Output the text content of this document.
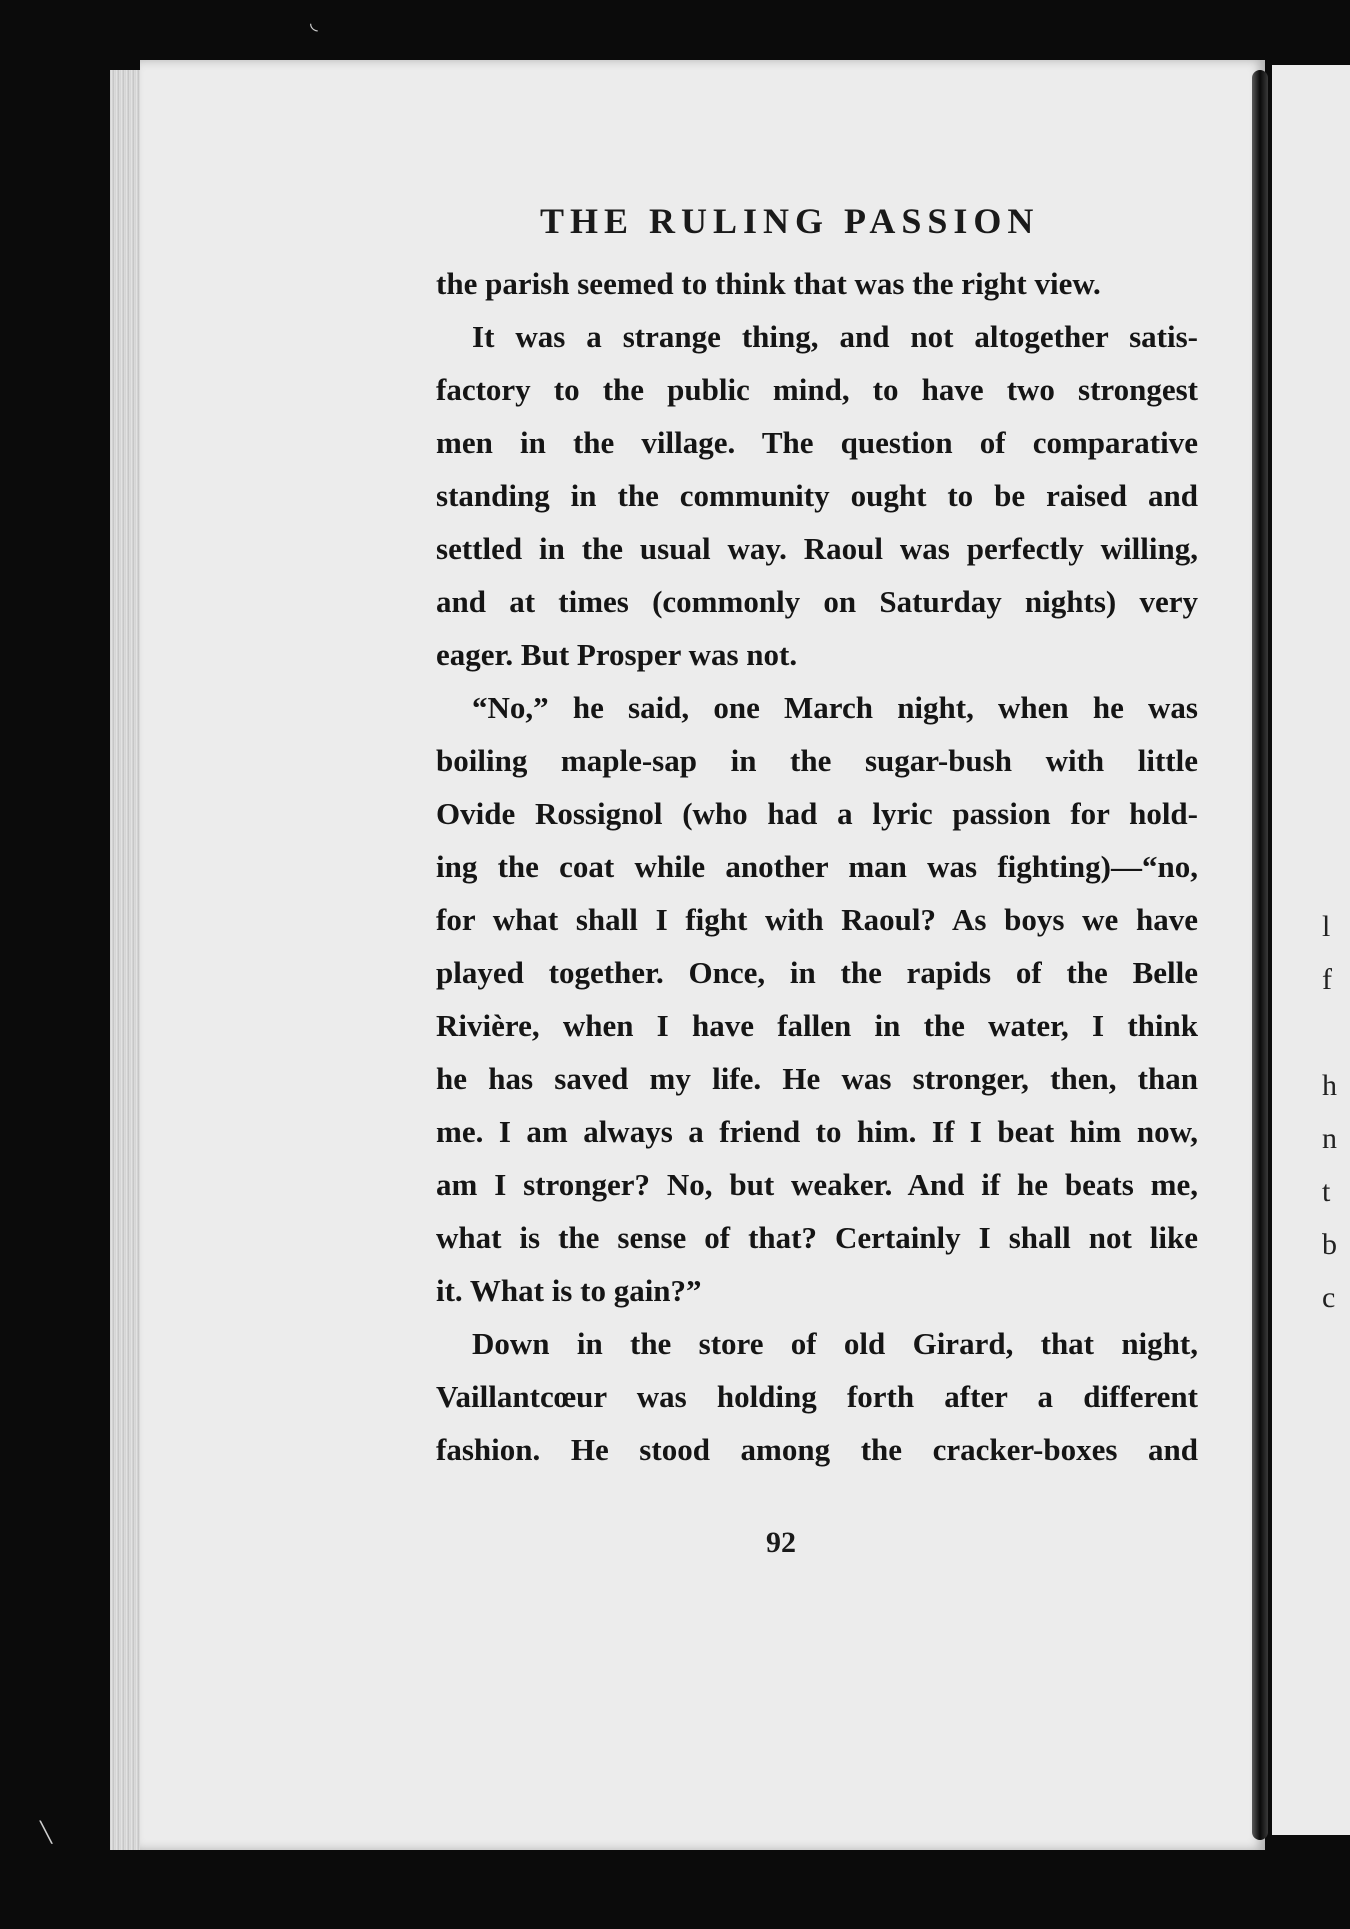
l
f
h
n
t
b
c
THE RULING PASSION
the parish seemed to think that was the right view.
It was a strange thing, and not altogether satis-
factory to the public mind, to have two strongest
men in the village. The question of comparative
standing in the community ought to be raised and
settled in the usual way. Raoul was perfectly willing,
and at times (commonly on Saturday nights) very
eager. But Prosper was not.
“No,” he said, one March night, when he was
boiling maple-sap in the sugar-bush with little
Ovide Rossignol (who had a lyric passion for hold-
ing the coat while another man was fighting)—“no,
for what shall I fight with Raoul? As boys we have
played together. Once, in the rapids of the Belle
Rivière, when I have fallen in the water, I think
he has saved my life. He was stronger, then, than
me. I am always a friend to him. If I beat him now,
am I stronger? No, but weaker. And if he beats me,
what is the sense of that? Certainly I shall not like
it. What is to gain?”
Down in the store of old Girard, that night,
Vaillantcœur was holding forth after a different
fashion. He stood among the cracker-boxes and
92
◟
╲
